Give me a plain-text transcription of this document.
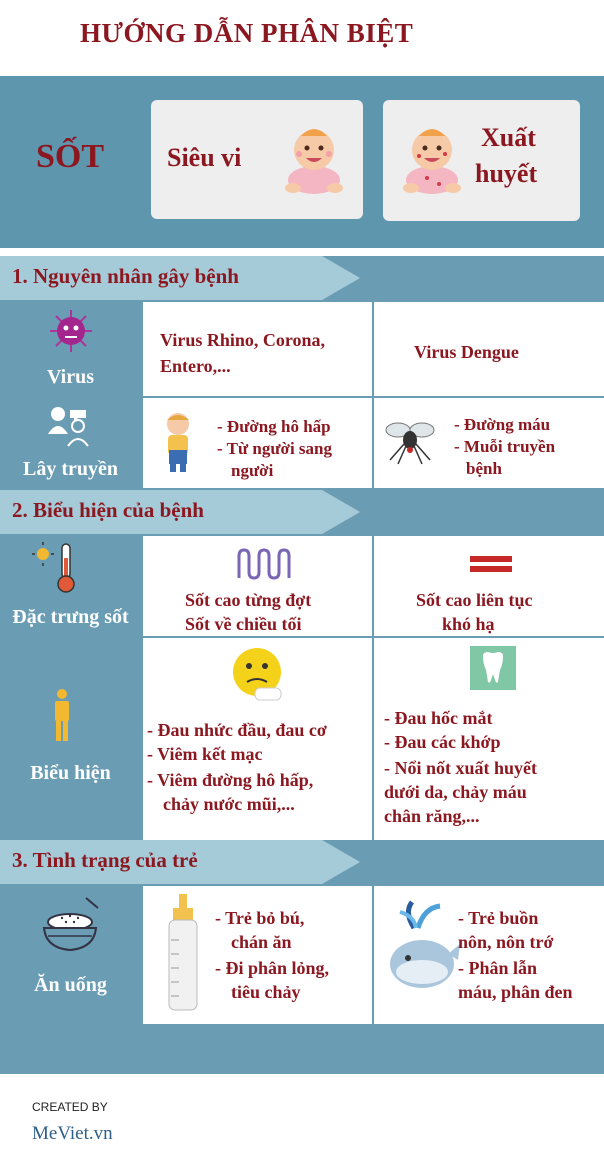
HƯỚNG DẪN PHÂN BIỆT
SỐT Siêu vi
Xuất
huyết
1. Nguyên nhân gây bệnh
Virus Rhino, Corona,
Entero,...
Virus Dengue
Virus
- Đường hô hấp
- Từ người sang
người
- Đường máu
- Muỗi truyền
bệnh
Lây truyền
2. Biểu hiện của bệnh
Sốt cao từng đợt
Sốt về chiều tối
Sốt cao liên tục
khó hạ
Đặc trưng sốt
- Đau nhức đầu, đau cơ
- Viêm kết mạc
- Viêm đường hô hấp,
chảy nước mũi,...
- Đau hốc mắt
- Đau các khớp
- Nổi nốt xuất huyết
dưới da, chảy máu
chân răng,...
Biểu hiện
3. Tình trạng của trẻ
- Trẻ bỏ bú,
chán ăn
- Đi phân lỏng,
tiêu chảy
- Trẻ buồn
nôn, nôn trớ
- Phân lẫn
máu, phân đen
Ăn uống
CREATED BY
MeViet.vn
